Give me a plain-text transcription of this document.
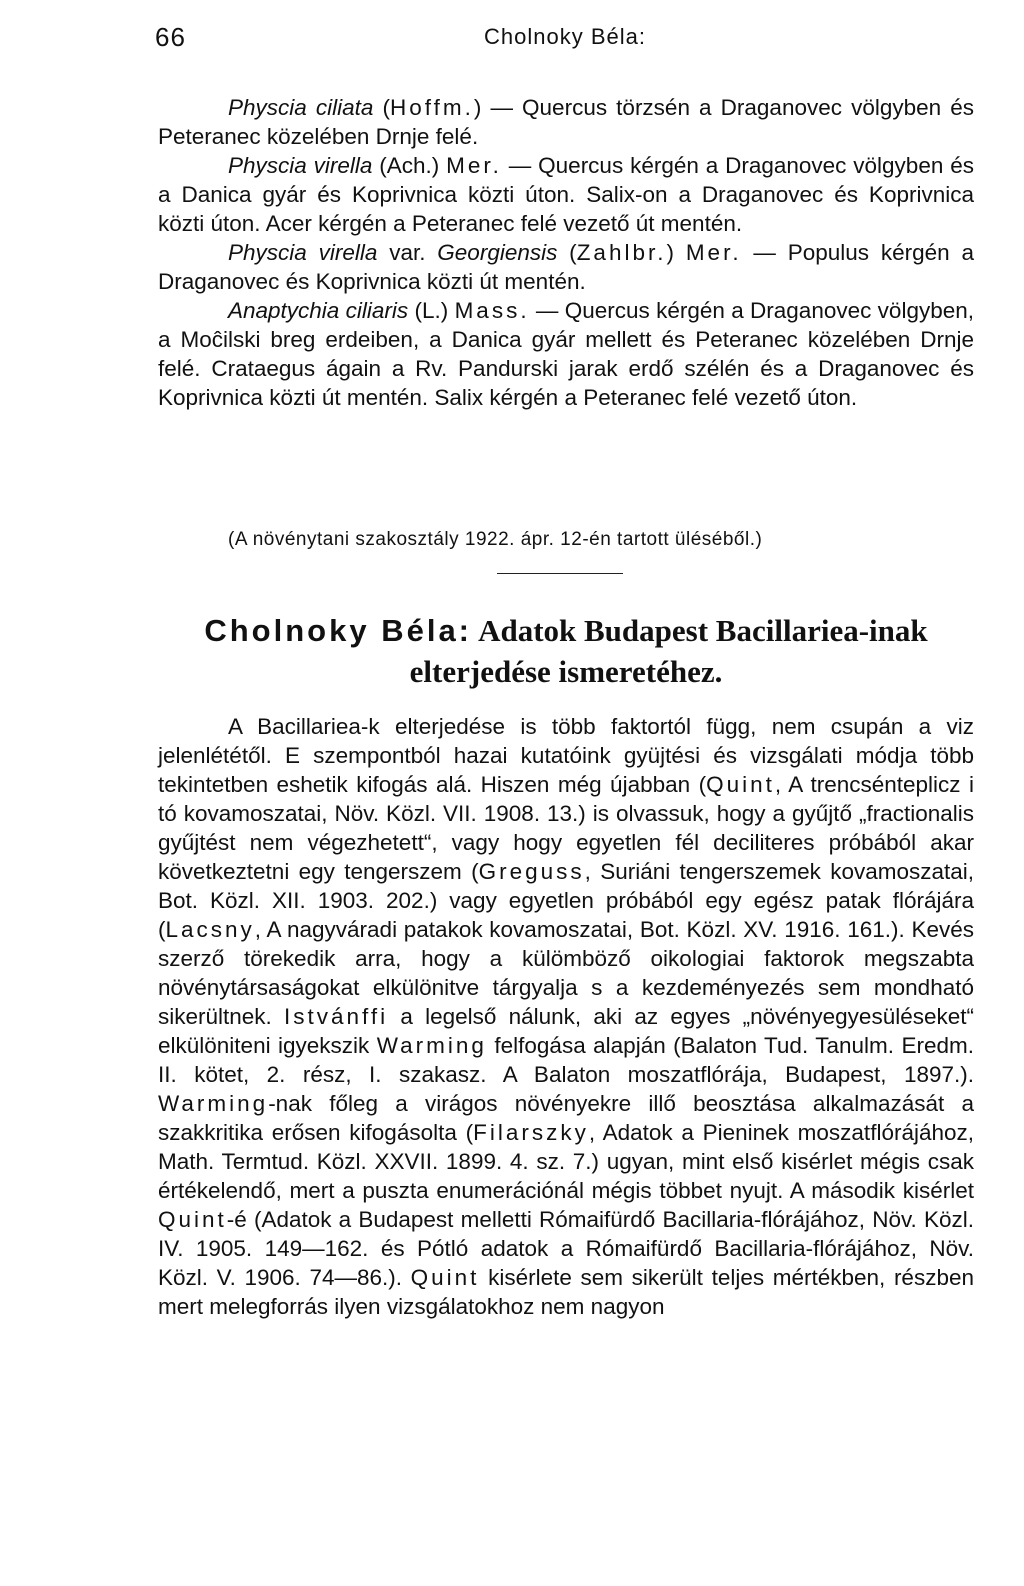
66	Cholnoky Béla:

Physcia ciliata (Hoffm.) — Quercus törzsén a Draganovec völgyben és Peteranec közelében Drnje felé.

Physcia virella (Ach.) Mer. — Quercus kérgén a Draganovec völgyben és a Danica gyár és Koprivnica közti úton. Salix-on a Draganovec és Koprivnica közti úton. Acer kérgén a Peteranec felé vezető út mentén.

Physcia virella var. Georgiensis (Zahlbr.) Mer. — Populus kérgén a Draganovec és Koprivnica közti út mentén.

Anaptychia ciliaris (L.) Mass. — Quercus kérgén a Draganovec völgyben, a Moĉilski breg erdeiben, a Danica gyár mellett és Peteranec közelében Drnje felé. Crataegus ágain a Rv. Pandurski jarak erdő szélén és a Draganovec és Koprivnica közti út mentén. Salix kérgén a Peteranec felé vezető úton.

(A növénytani szakosztály 1922. ápr. 12-én tartott üléséből.)

Cholnoky Béla: Adatok Budapest Bacillariea-inak elterjedése ismeretéhez.

A Bacillariea-k elterjedése is több faktortól függ, nem csupán a viz jelenlététől. E szempontból hazai kutatóink gyüjtési és vizsgálati módja több tekintetben eshetik kifogás alá. Hiszen még újabban (Quint, A trencsénteplicz i tó kovamoszatai, Növ. Közl. VII. 1908. 13.) is olvassuk, hogy a gyűjtő „fractionalis gyűjtést nem végezhetett“, vagy hogy egyetlen fél deciliteres próbából akar következtetni egy tengerszem (Greguss, Suriáni tengerszemek kovamoszatai, Bot. Közl. XII. 1903. 202.) vagy egyetlen próbából egy egész patak flórájára (Lacsny, A nagyváradi patakok kovamoszatai, Bot. Közl. XV. 1916. 161.). Kevés szerző törekedik arra, hogy a külömböző oikologiai faktorok megszabta növénytársaságokat elkülönitve tárgyalja s a kezdeményezés sem mondható sikerültnek. Istvánffi a legelső nálunk, aki az egyes „növényegyesüléseket“ elkülöniteni igyekszik Warming felfogása alapján (Balaton Tud. Tanulm. Eredm. II. kötet, 2. rész, I. szakasz. A Balaton moszatflórája, Budapest, 1897.). Warming-nak főleg a virágos növényekre illő beosztása alkalmazását a szakkritika erősen kifogásolta (Filarszky, Adatok a Pieninek moszatflórájához, Math. Termtud. Közl. XXVII. 1899. 4. sz. 7.) ugyan, mint első kisérlet mégis csak értékelendő, mert a puszta enumerációnál mégis többet nyujt. A második kisérlet Quint-é (Adatok a Budapest melletti Rómaifürdő Bacillaria-flórájához, Növ. Közl. IV. 1905. 149—162. és Pótló adatok a Rómaifürdő Bacillaria-flórájához, Növ. Közl. V. 1906. 74—86.). Quint kisérlete sem sikerült teljes mértékben, részben mert melegforrás ilyen vizsgálatokhoz nem nagyon
